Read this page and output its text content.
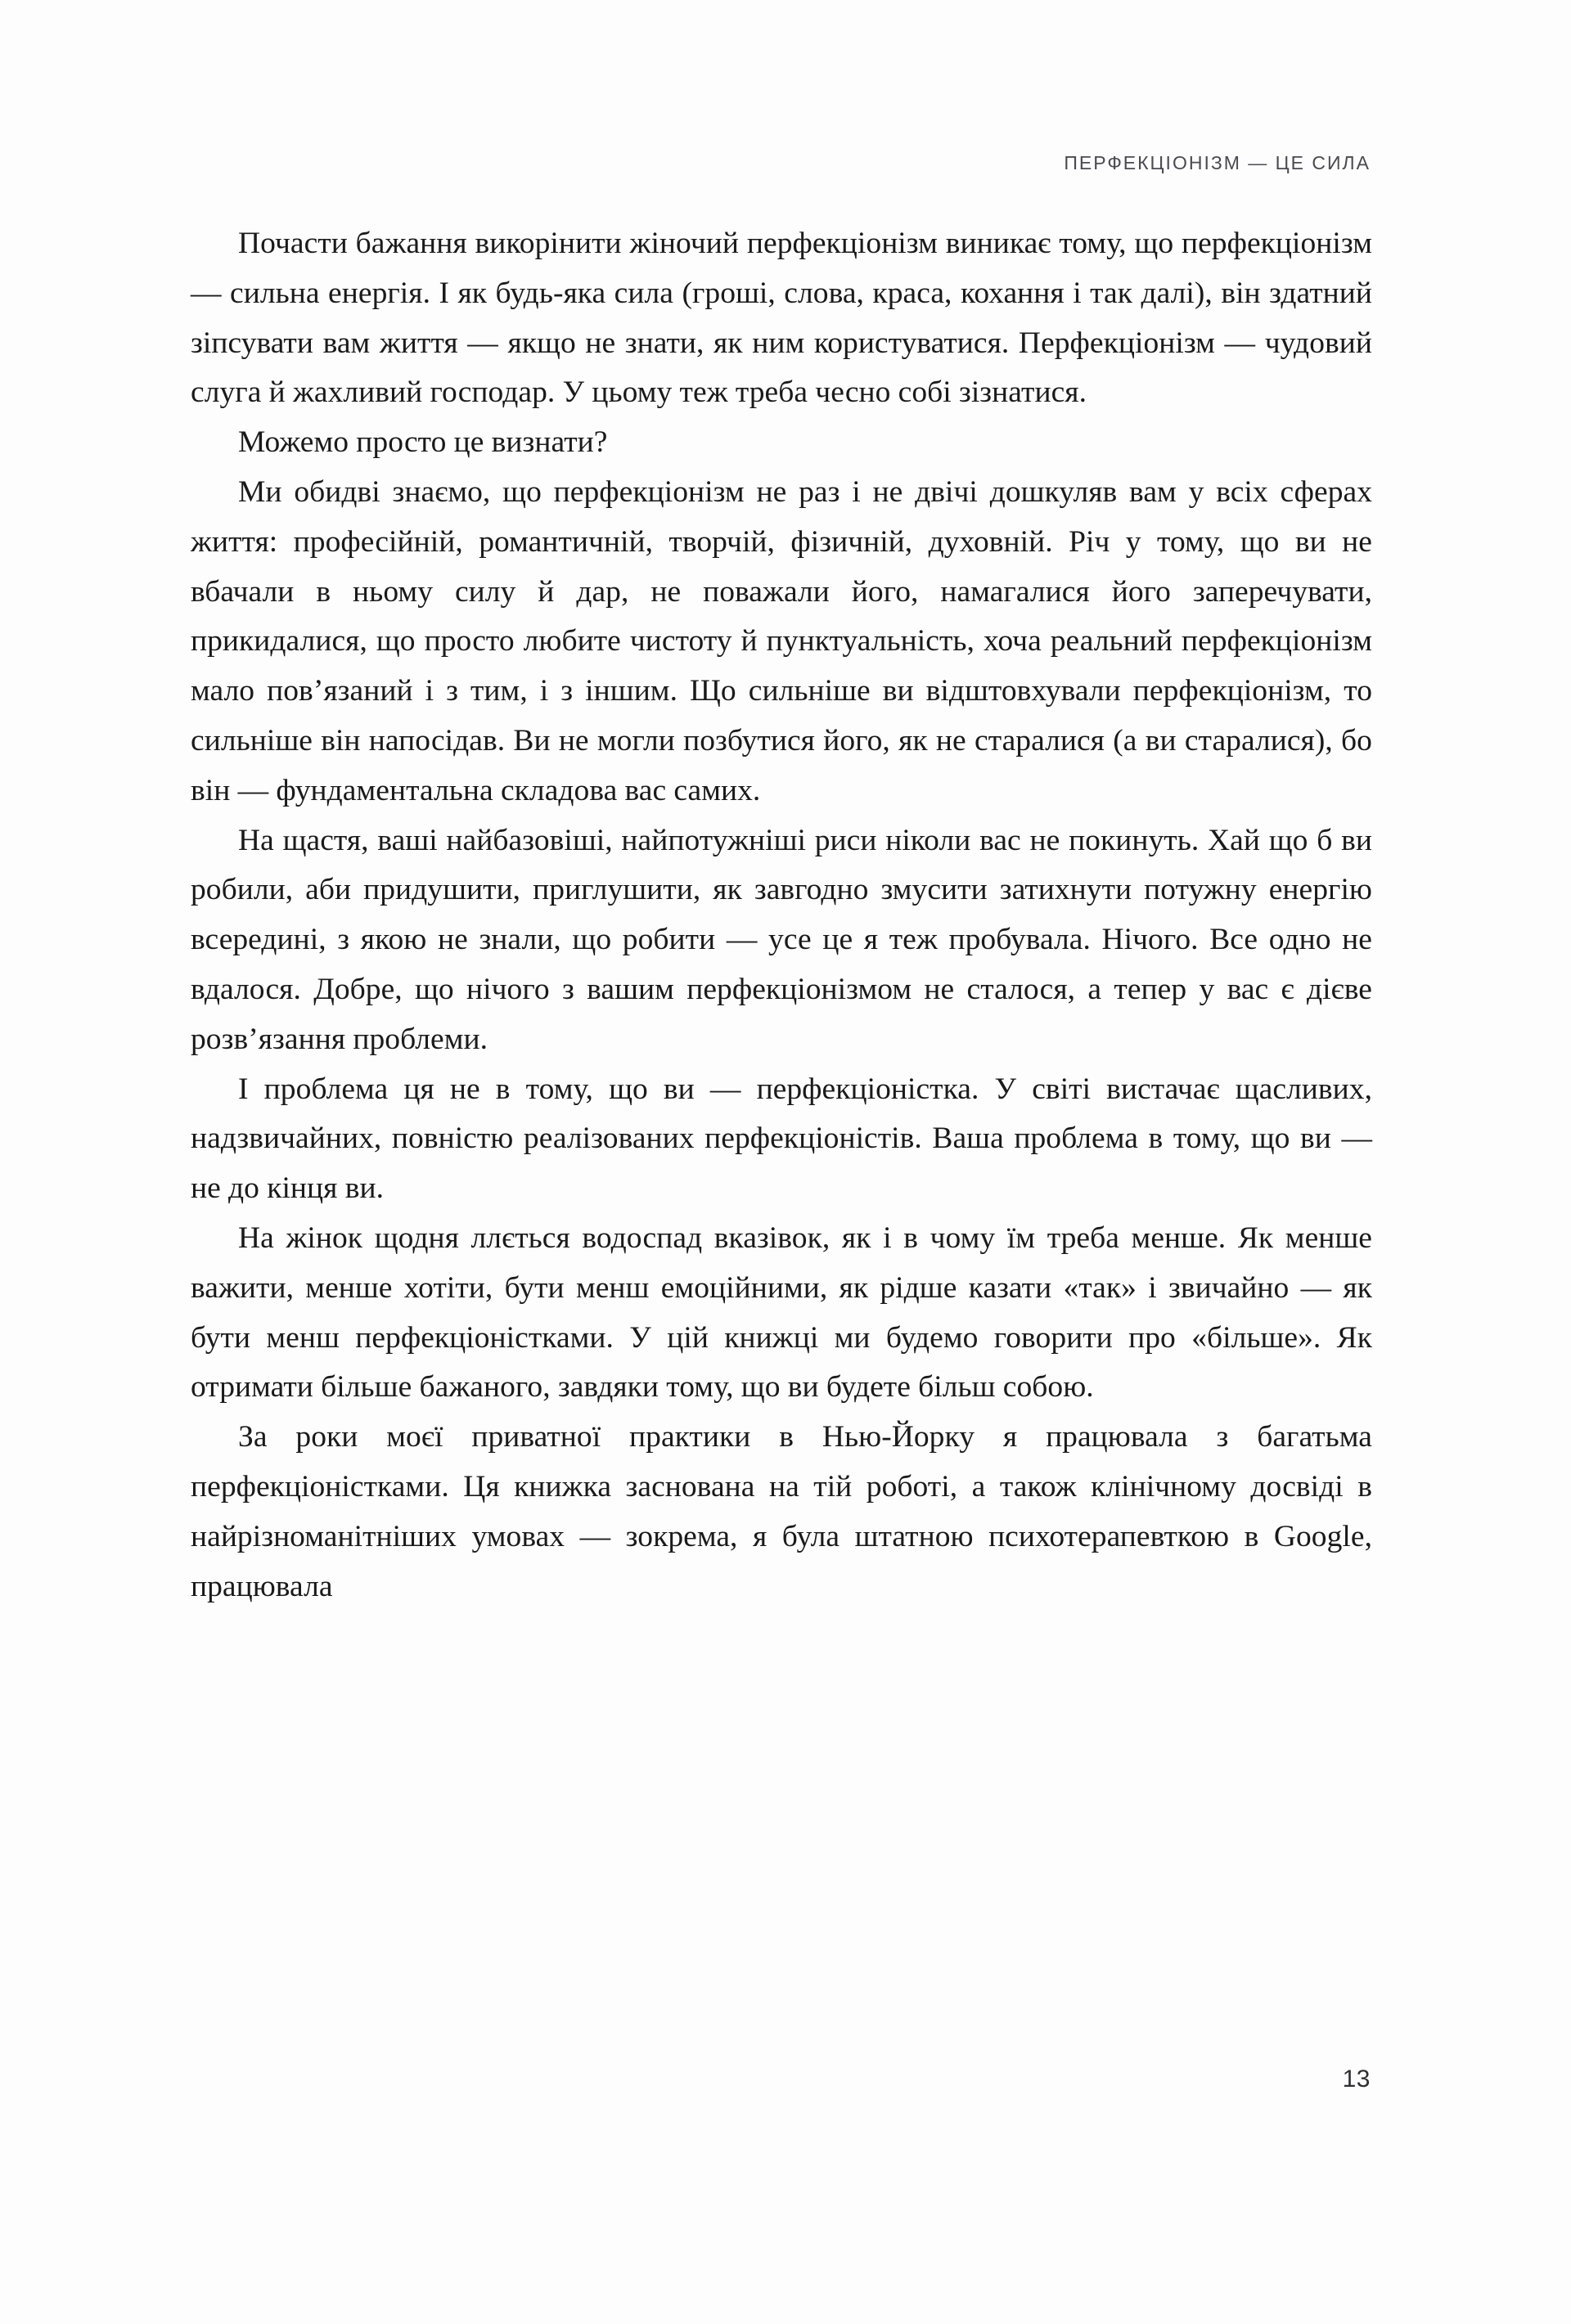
ПЕРФЕКЦІОНІЗМ — ЦЕ СИЛА

Почасти бажання викорінити жіночий перфекціонізм виникає тому, що перфекціонізм — сильна енергія. І як будь-яка сила (гроші, слова, краса, кохання і так далі), він здатний зіпсувати вам життя — якщо не знати, як ним користуватися. Перфекціонізм — чудовий слуга й жахливий господар. У цьому теж треба чесно собі зізнатися.

Можемо просто це визнати?

Ми обидві знаємо, що перфекціонізм не раз і не двічі дошкуляв вам у всіх сферах життя: професійній, романтичній, творчій, фізичній, духовній. Річ у тому, що ви не вбачали в ньому силу й дар, не поважали його, намагалися його заперечувати, прикидалися, що просто любите чистоту й пунктуальність, хоча реальний перфекціонізм мало пов’язаний і з тим, і з іншим. Що сильніше ви відштовхували перфекціонізм, то сильніше він напосідав. Ви не могли позбутися його, як не старалися (а ви старалися), бо він — фундаментальна складова вас самих.

На щастя, ваші найбазовіші, найпотужніші риси ніколи вас не покинуть. Хай що б ви робили, аби придушити, приглушити, як завгодно змусити затихнути потужну енергію всередині, з якою не знали, що робити — усе це я теж пробувала. Нічого. Все одно не вдалося. Добре, що нічого з вашим перфекціонізмом не сталося, а тепер у вас є дієве розв’язання проблеми.

І проблема ця не в тому, що ви — перфекціоністка. У світі вистачає щасливих, надзвичайних, повністю реалізованих перфекціоністів. Ваша проблема в тому, що ви — не до кінця ви.

На жінок щодня ллється водоспад вказівок, як і в чому їм треба менше. Як менше важити, менше хотіти, бути менш емоційними, як рідше казати «так» і звичайно — як бути менш перфекціоністками. У цій книжці ми будемо говорити про «більше». Як отримати більше бажаного, завдяки тому, що ви будете більш собою.

За роки моєї приватної практики в Нью-Йорку я працювала з багатьма перфекціоністками. Ця книжка заснована на тій роботі, а також клінічному досвіді в найрізноманітніших умовах — зокрема, я була штатною психотерапевткою в Google, працювала

13
